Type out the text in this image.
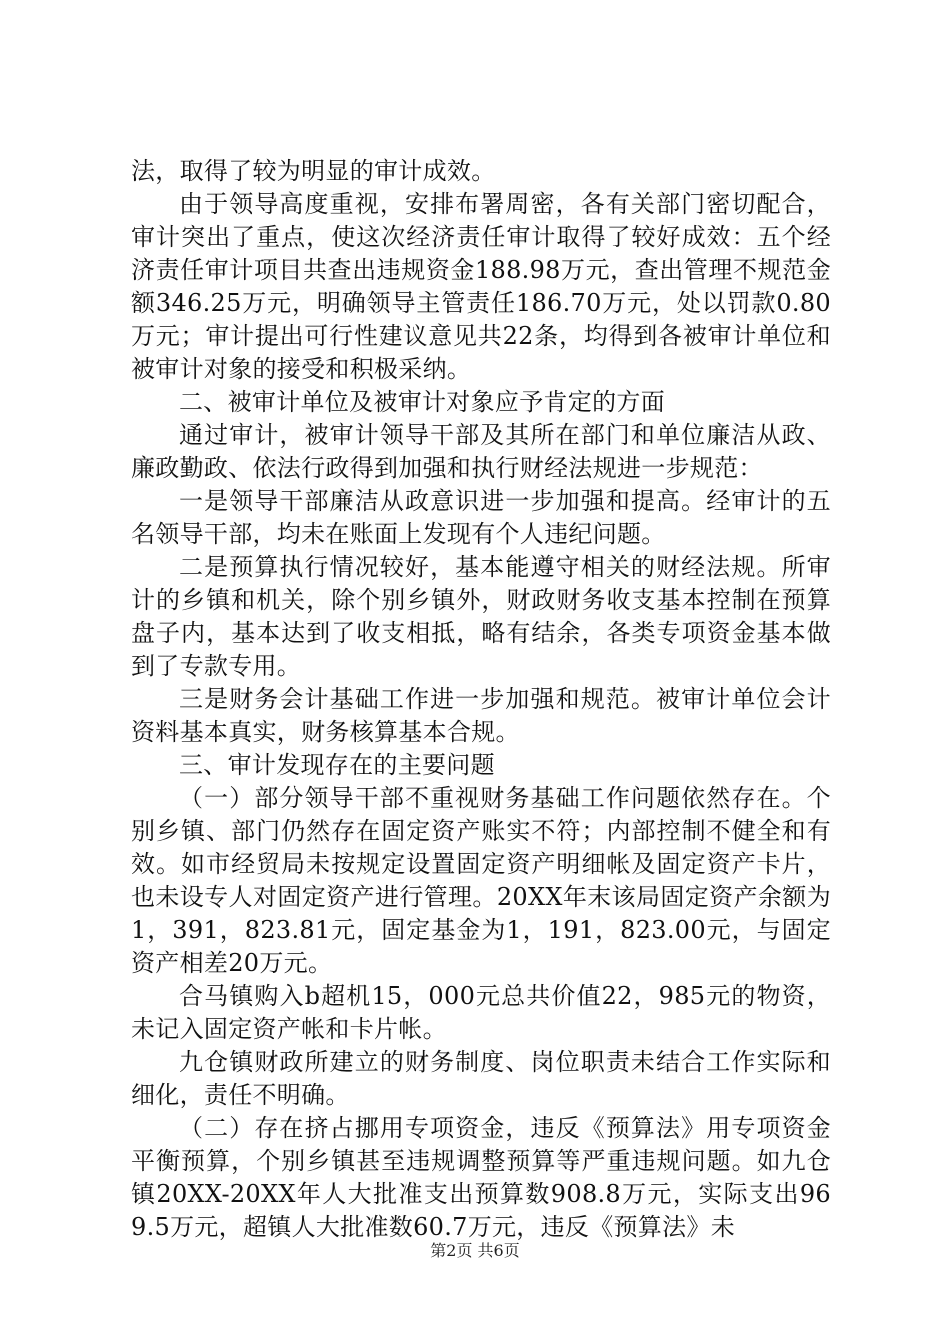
法，取得了较为明显的审计成效。

由于领导高度重视，安排布署周密，各有关部门密切配合，审计突出了重点，使这次经济责任审计取得了较好成效：五个经济责任审计项目共查出违规资金188.98万元，查出管理不规范金额346.25万元，明确领导主管责任186.70万元，处以罚款0.80万元；审计提出可行性建议意见共22条，均得到各被审计单位和被审计对象的接受和积极采纳。

二、被审计单位及被审计对象应予肯定的方面

通过审计，被审计领导干部及其所在部门和单位廉洁从政、廉政勤政、依法行政得到加强和执行财经法规进一步规范：

一是领导干部廉洁从政意识进一步加强和提高。经审计的五名领导干部，均未在账面上发现有个人违纪问题。

二是预算执行情况较好，基本能遵守相关的财经法规。所审计的乡镇和机关，除个别乡镇外，财政财务收支基本控制在预算盘子内，基本达到了收支相抵，略有结余，各类专项资金基本做到了专款专用。

三是财务会计基础工作进一步加强和规范。被审计单位会计资料基本真实，财务核算基本合规。

三、审计发现存在的主要问题

（一）部分领导干部不重视财务基础工作问题依然存在。个别乡镇、部门仍然存在固定资产账实不符；内部控制不健全和有效。如市经贸局未按规定设置固定资产明细帐及固定资产卡片，也未设专人对固定资产进行管理。20XX年末该局固定资产余额为1，391，823.81元，固定基金为1，191，823.00元，与固定资产相差20万元。

合马镇购入b超机15，000元总共价值22，985元的物资，未记入固定资产帐和卡片帐。

九仓镇财政所建立的财务制度、岗位职责未结合工作实际和细化，责任不明确。

（二）存在挤占挪用专项资金，违反《预算法》用专项资金平衡预算，个别乡镇甚至违规调整预算等严重违规问题。如九仓镇20XX-20XX年人大批准支出预算数908.8万元，实际支出969.5万元，超镇人大批准数60.7万元，违反《预算法》未

第2页 共6页
